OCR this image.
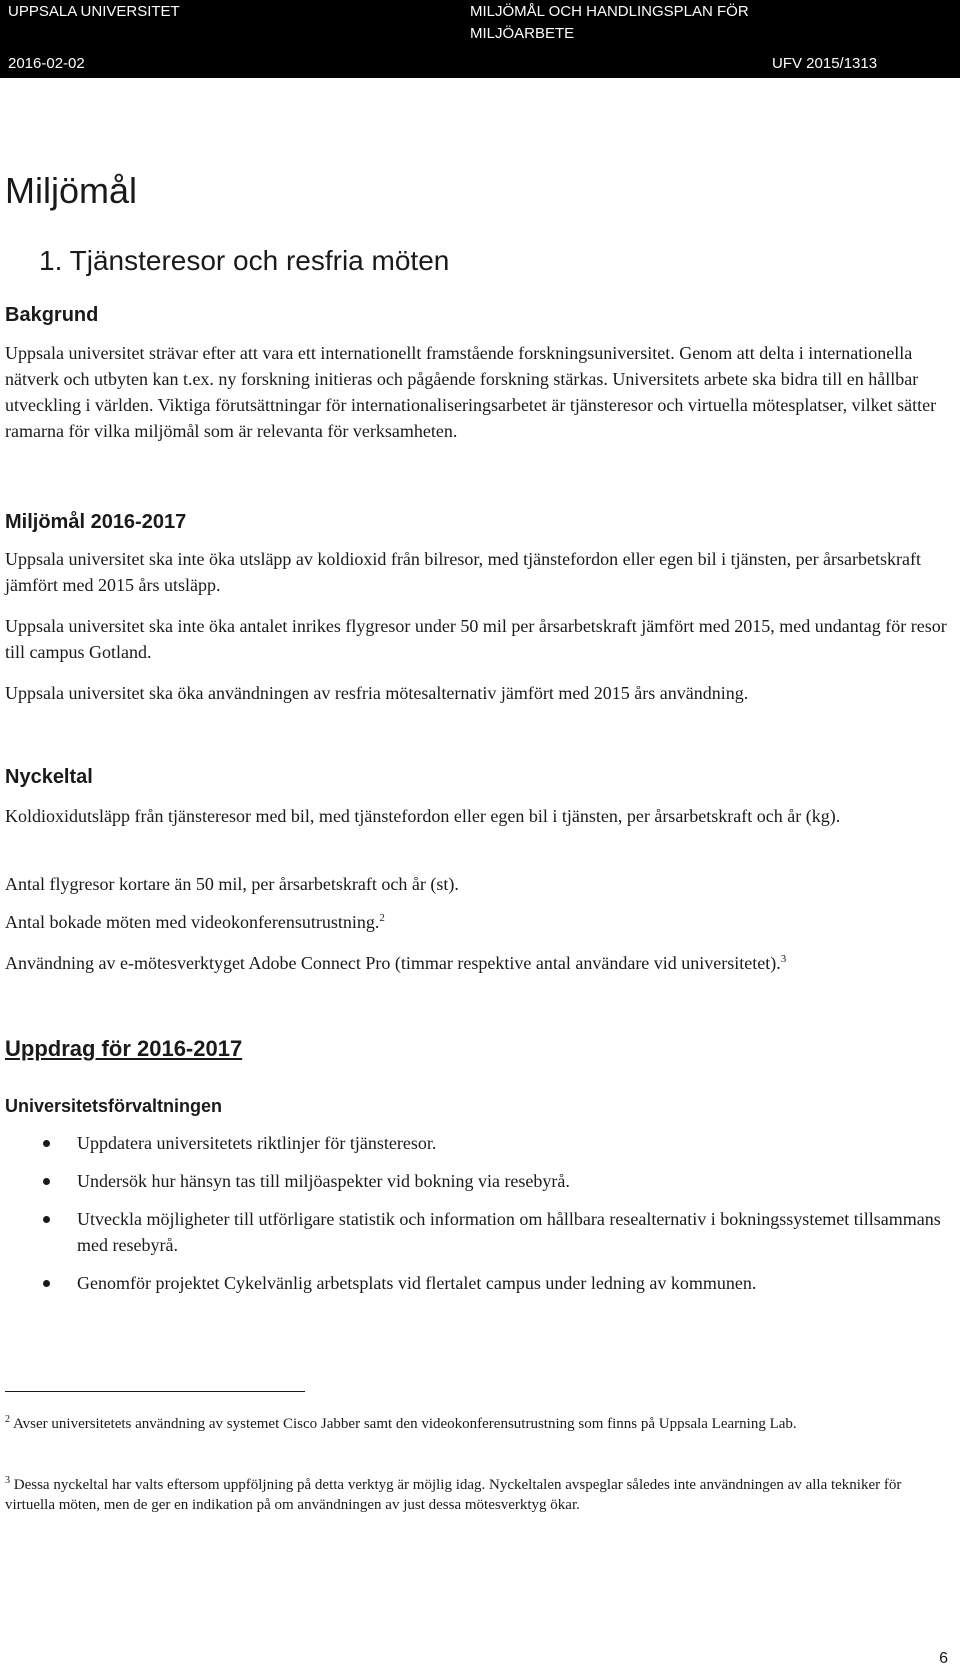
UPPSALA UNIVERSITET	MILJÖMÅL OCH HANDLINGSPLAN FÖR MILJÖARBETE
2016-02-02	UFV 2015/1313
Miljömål
1. Tjänsteresor och resfria möten
Bakgrund

Uppsala universitet strävar efter att vara ett internationellt framstående forskningsuniversitet. Genom att delta i internationella nätverk och utbyten kan t.ex. ny forskning initieras och pågående forskning stärkas. Universitets arbete ska bidra till en hållbar utveckling i världen. Viktiga förutsättningar för internationaliseringsarbetet är tjänsteresor och virtuella mötesplatser, vilket sätter ramarna för vilka miljömål som är relevanta för verksamheten.

Miljömål 2016-2017

Uppsala universitet ska inte öka utsläpp av koldioxid från bilresor, med tjänstefordon eller egen bil i tjänsten, per årsarbetskraft jämfört med 2015 års utsläpp.

Uppsala universitet ska inte öka antalet inrikes flygresor under 50 mil per årsarbetskraft jämfört med 2015, med undantag för resor till campus Gotland.

Uppsala universitet ska öka användningen av resfria mötesalternativ jämfört med 2015 års användning.

Nyckeltal

Koldioxidutsläpp från tjänsteresor med bil, med tjänstefordon eller egen bil i tjänsten, per årsarbetskraft och år (kg).

Antal flygresor kortare än 50 mil, per årsarbetskraft och år (st).

Antal bokade möten med videokonferensutrustning.$^2$

Användning av e-mötesverktyget Adobe Connect Pro (timmar respektive antal användare vid universitetet).$^3$

Uppdrag för 2016-2017
Universitetsförvaltningen
Uppdatera universitetets riktlinjer för tjänsteresor.
Undersök hur hänsyn tas till miljöaspekter vid bokning via resebyrå.
Utveckla möjligheter till utförligare statistik och information om hållbara resealternativ i bokningssystemet tillsammans med resebyrå.
Genomför projektet Cykelvänlig arbetsplats vid flertalet campus under ledning av kommunen.

$^2$ Avser universitetets användning av systemet Cisco Jabber samt den videokonferensutrustning som finns på Uppsala Learning Lab.

$^3$ Dessa nyckeltal har valts eftersom uppföljning på detta verktyg är möjlig idag. Nyckeltalen avspeglar således inte användningen av alla tekniker för virtuella möten, men de ger en indikation på om användningen av just dessa mötesverktyg ökar.

6
